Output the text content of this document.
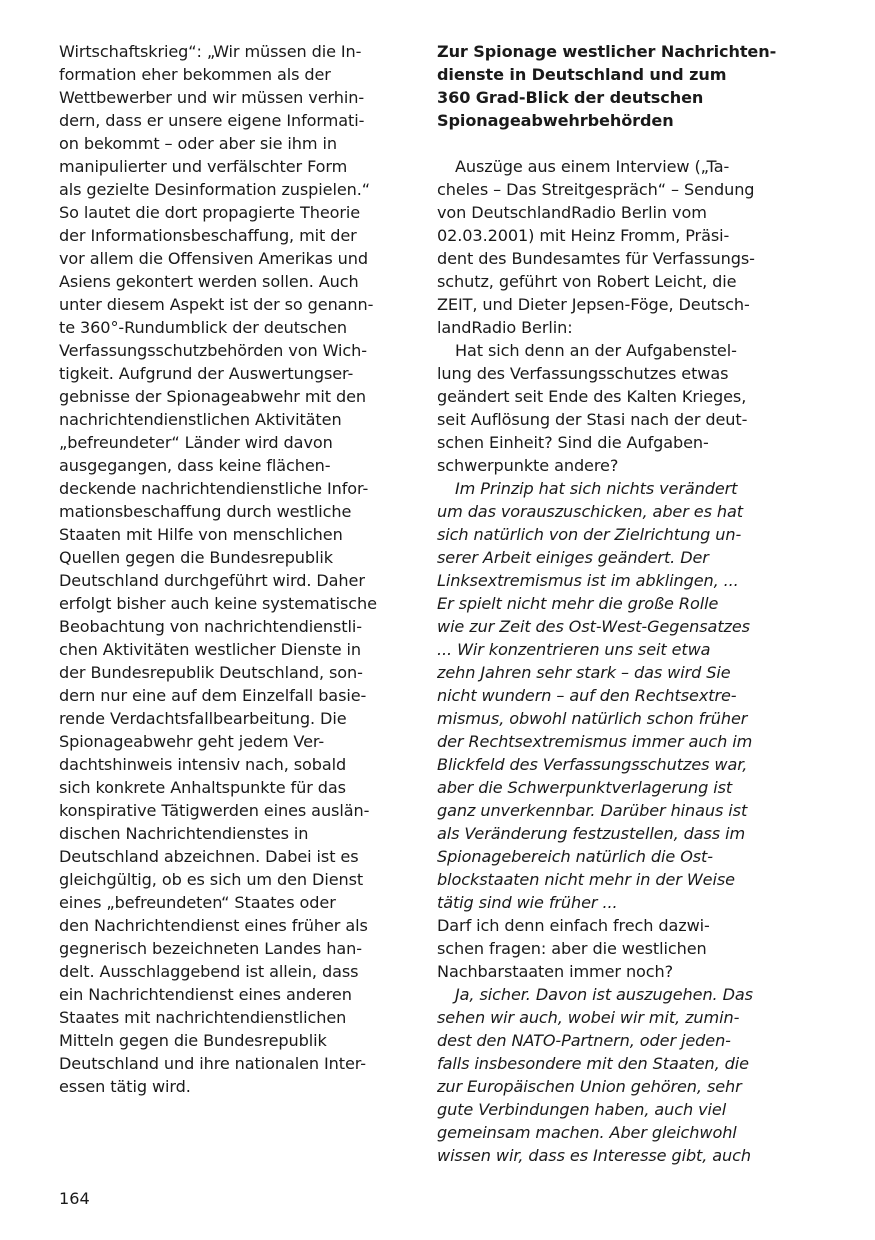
Wirtschaftskrieg“: „Wir müssen die In-
formation eher bekommen als der
Wettbewerber und wir müssen verhin-
dern, dass er unsere eigene Informati-
on bekommt – oder aber sie ihm in
manipulierter und verfälschter Form
als gezielte Desinformation zuspielen.“
So lautet die dort propagierte Theorie
der Informationsbeschaffung, mit der
vor allem die Offensiven Amerikas und
Asiens gekontert werden sollen. Auch
unter diesem Aspekt ist der so genann-
te 360°-Rundumblick der deutschen
Verfassungsschutzbehörden von Wich-
tigkeit. Aufgrund der Auswertungser-
gebnisse der Spionageabwehr mit den
nachrichtendienstlichen Aktivitäten
„befreundeter“ Länder wird davon
ausgegangen, dass keine flächen-
deckende nachrichtendienstliche Infor-
mationsbeschaffung durch westliche
Staaten mit Hilfe von menschlichen
Quellen gegen die Bundesrepublik
Deutschland durchgeführt wird. Daher
erfolgt bisher auch keine systematische
Beobachtung von nachrichtendienstli-
chen Aktivitäten westlicher Dienste in
der Bundesrepublik Deutschland, son-
dern nur eine auf dem Einzelfall basie-
rende Verdachtsfallbearbeitung. Die
Spionageabwehr geht jedem Ver-
dachtshinweis intensiv nach, sobald
sich konkrete Anhaltspunkte für das
konspirative Tätigwerden eines auslän-
dischen Nachrichtendienstes in
Deutschland abzeichnen. Dabei ist es
gleichgültig, ob es sich um den Dienst
eines „befreundeten“ Staates oder
den Nachrichtendienst eines früher als
gegnerisch bezeichneten Landes han-
delt. Ausschlaggebend ist allein, dass
ein Nachrichtendienst eines anderen
Staates mit nachrichtendienstlichen
Mitteln gegen die Bundesrepublik
Deutschland und ihre nationalen Inter-
essen tätig wird.
Zur Spionage westlicher Nachrichten-
dienste in Deutschland und zum
360 Grad-Blick der deutschen
Spionageabwehrbehörden
Auszüge aus einem Interview („Ta-
cheles – Das Streitgespräch“ – Sendung
von DeutschlandRadio Berlin vom
02.03.2001) mit Heinz Fromm, Präsi-
dent des Bundesamtes für Verfassungs-
schutz, geführt von Robert Leicht, die
ZEIT, und Dieter Jepsen-Föge, Deutsch-
landRadio Berlin:
Hat sich denn an der Aufgabenstel-
lung des Verfassungsschutzes etwas
geändert seit Ende des Kalten Krieges,
seit Auflösung der Stasi nach der deut-
schen Einheit? Sind die Aufgaben-
schwerpunkte andere?
Im Prinzip hat sich nichts verändert
um das vorauszuschicken, aber es hat
sich natürlich von der Zielrichtung un-
serer Arbeit einiges geändert. Der
Linksextremismus ist im abklingen, ...
Er spielt nicht mehr die große Rolle
wie zur Zeit des Ost-West-Gegensatzes
... Wir konzentrieren uns seit etwa
zehn Jahren sehr stark – das wird Sie
nicht wundern – auf den Rechtsextre-
mismus, obwohl natürlich schon früher
der Rechtsextremismus immer auch im
Blickfeld des Verfassungsschutzes war,
aber die Schwerpunktverlagerung ist
ganz unverkennbar. Darüber hinaus ist
als Veränderung festzustellen, dass im
Spionagebereich natürlich die Ost-
blockstaaten nicht mehr in der Weise
tätig sind wie früher ...
Darf ich denn einfach frech dazwi-
schen fragen: aber die westlichen
Nachbarstaaten immer noch?
Ja, sicher. Davon ist auszugehen. Das
sehen wir auch, wobei wir mit, zumin-
dest den NATO-Partnern, oder jeden-
falls insbesondere mit den Staaten, die
zur Europäischen Union gehören, sehr
gute Verbindungen haben, auch viel
gemeinsam machen. Aber gleichwohl
wissen wir, dass es Interesse gibt, auch
164
